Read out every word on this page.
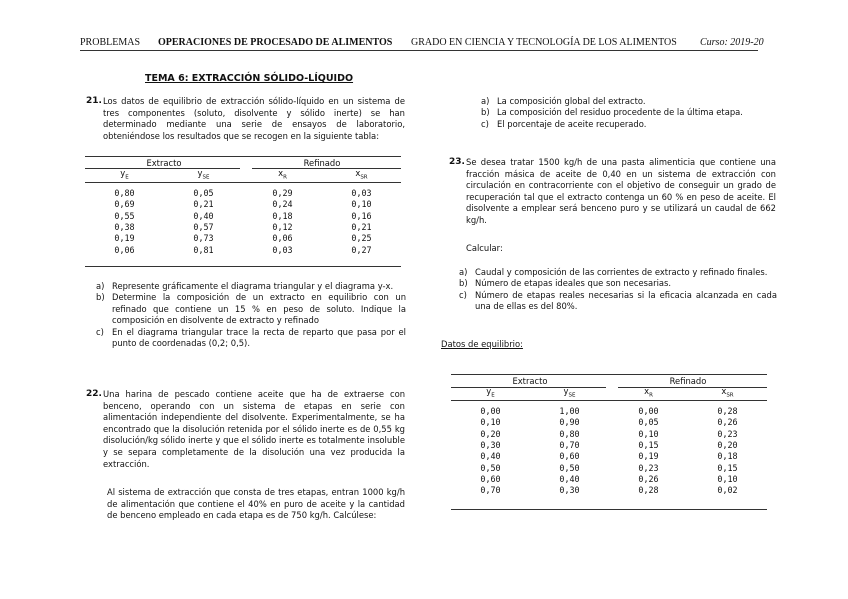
PROBLEMAS OPERACIONES DE PROCESADO DE ALIMENTOS GRADO EN CIENCIA Y TECNOLOGÍA DE LOS ALIMENTOS Curso: 2019-20
TEMA 6: EXTRACCIÓN SÓLIDO-LÍQUIDO
21. Los datos de equilibrio de extracción sólido-líquido en un sistema de tres componentes (soluto, disolvente y sólido inerte) se han determinado mediante una serie de ensayos de laboratorio, obteniéndose los resultados que se recogen en la siguiente tabla:
Extracto		Refinado	
$y_E$	$y_{SE}$	$x_R$	$x_{SR}$
0,80	0,05	0,29	0,03
0,69	0,21	0,24	0,10
0,55	0,40	0,18	0,16
0,38	0,57	0,12	0,21
0,19	0,73	0,06	0,25
0,06	0,81	0,03	0,27
a) Represente gráficamente el diagrama triangular y el diagrama y-x.
b) Determine la composición de un extracto en equilibrio con un refinado que contiene un 15 % en peso de soluto. Indique la composición en disolvente de extracto y refinado
c) En el diagrama triangular trace la recta de reparto que pasa por el punto de coordenadas (0,2; 0,5).
22. Una harina de pescado contiene aceite que ha de extraerse con benceno, operando con un sistema de etapas en serie con alimentación independiente del disolvente. Experimentalmente, se ha encontrado que la disolución retenida por el sólido inerte es de 0,55 kg disolución/kg sólido inerte y que el sólido inerte es totalmente insoluble y se separa completamente de la disolución una vez producida la extracción.
Al sistema de extracción que consta de tres etapas, entran 1000 kg/h de alimentación que contiene el 40% en puro de aceite y la cantidad de benceno empleado en cada etapa es de 750 kg/h. Calcúlese:
a) La composición global del extracto.
b) La composición del residuo procedente de la última etapa.
c) El porcentaje de aceite recuperado.
23. Se desea tratar 1500 kg/h de una pasta alimenticia que contiene una fracción másica de aceite de 0,40 en un sistema de extracción con circulación en contracorriente con el objetivo de conseguir un grado de recuperación tal que el extracto contenga un 60 % en peso de aceite. El disolvente a emplear será benceno puro y se utilizará un caudal de 662 kg/h.
Calcular:
a) Caudal y composición de las corrientes de extracto y refinado finales.
b) Número de etapas ideales que son necesarias.
c) Número de etapas reales necesarias si la eficacia alcanzada en cada una de ellas es del 80%.
Datos de equilibrio:
Extracto		Refinado	
$y_E$	$y_{SE}$	$x_R$	$x_{SR}$
0,00	1,00	0,00	0,28
0,10	0,90	0,05	0,26
0,20	0,80	0,10	0,23
0,30	0,70	0,15	0,20
0,40	0,60	0,19	0,18
0,50	0,50	0,23	0,15
0,60	0,40	0,26	0,10
0,70	0,30	0,28	0,02
